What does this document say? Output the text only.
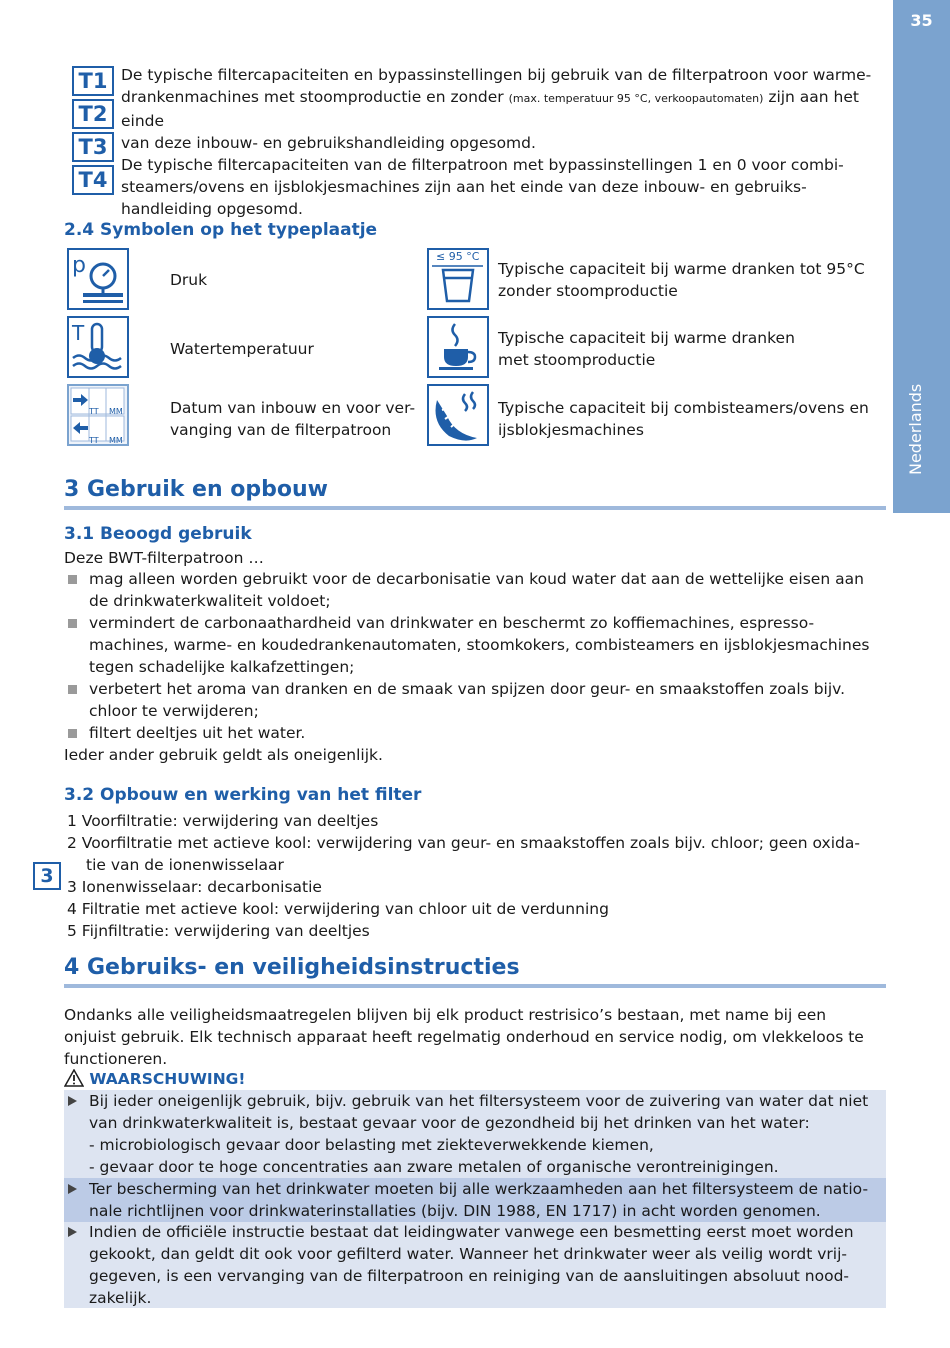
35
Nederlands
T1
T2
T3
T4
De typische filtercapaciteiten en bypassinstellingen bij gebruik van de filterpatroon voor warme-
drankenmachines met stoomproductie en zonder (max. temperatuur 95 °C, verkoopautomaten) zijn aan het einde
van deze inbouw- en gebruikshandleiding opgesomd.
De typische filtercapaciteiten van de filterpatroon met bypassinstellingen 1 en 0 voor combi-
steamers/ovens en ijsblokjesmachines zijn aan het einde van deze inbouw- en gebruiks-
handleiding opgesomd.
2.4 Symbolen op het typeplaatje
p
T
TT MM
TT MM
Druk
Watertemperatuur
Datum van inbouw en voor ver-
vanging van de filterpatroon
≤ 95 °C
Typische capaciteit bij warme dranken tot 95°C
zonder stoomproductie
Typische capaciteit bij warme dranken
met stoomproductie
Typische capaciteit bij combisteamers/ovens en
ijsblokjesmachines
3 Gebruik en opbouw
3.1 Beoogd gebruik
Deze BWT-filterpatroon …
mag alleen worden gebruikt voor de decarbonisatie van koud water dat aan de wettelijke eisen aan
de drinkwaterkwaliteit voldoet;
vermindert de carbonaathardheid van drinkwater en beschermt zo koffiemachines, espresso-
machines, warme- en koudedrankenautomaten, stoomkokers, combisteamers en ijsblokjesmachines
tegen schadelijke kalkafzettingen;
verbetert het aroma van dranken en de smaak van spijzen door geur- en smaakstoffen zoals bijv.
chloor te verwijderen;
filtert deeltjes uit het water.
Ieder ander gebruik geldt als oneigenlijk.
3.2 Opbouw en werking van het filter
3
1 Voorfiltratie: verwijdering van deeltjes
2 Voorfiltratie met actieve kool: verwijdering van geur- en smaakstoffen zoals bijv. chloor; geen oxida-
tie van de ionenwisselaar
3 Ionenwisselaar: decarbonisatie
4 Filtratie met actieve kool: verwijdering van chloor uit de verdunning
5 Fijnfiltratie: verwijdering van deeltjes
4 Gebruiks- en veiligheidsinstructies
Ondanks alle veiligheidsmaatregelen blijven bij elk product restrisico’s bestaan, met name bij een
onjuist gebruik. Elk technisch apparaat heeft regelmatig onderhoud en service nodig, om vlekkeloos te
functioneren.
WAARSCHUWING!
Bij ieder oneigenlijk gebruik, bijv. gebruik van het filtersysteem voor de zuivering van water dat niet
van drinkwaterkwaliteit is, bestaat gevaar voor de gezondheid bij het drinken van het water:
- microbiologisch gevaar door belasting met ziekteverwekkende kiemen,
- gevaar door te hoge concentraties aan zware metalen of organische verontreinigingen.
Ter bescherming van het drinkwater moeten bij alle werkzaamheden aan het filtersysteem de natio-
nale richtlijnen voor drinkwaterinstallaties (bijv. DIN 1988, EN 1717) in acht worden genomen.
Indien de officiële instructie bestaat dat leidingwater vanwege een besmetting eerst moet worden
gekookt, dan geldt dit ook voor gefilterd water. Wanneer het drinkwater weer als veilig wordt vrij-
gegeven, is een vervanging van de filterpatroon en reiniging van de aansluitingen absoluut nood-
zakelijk.
